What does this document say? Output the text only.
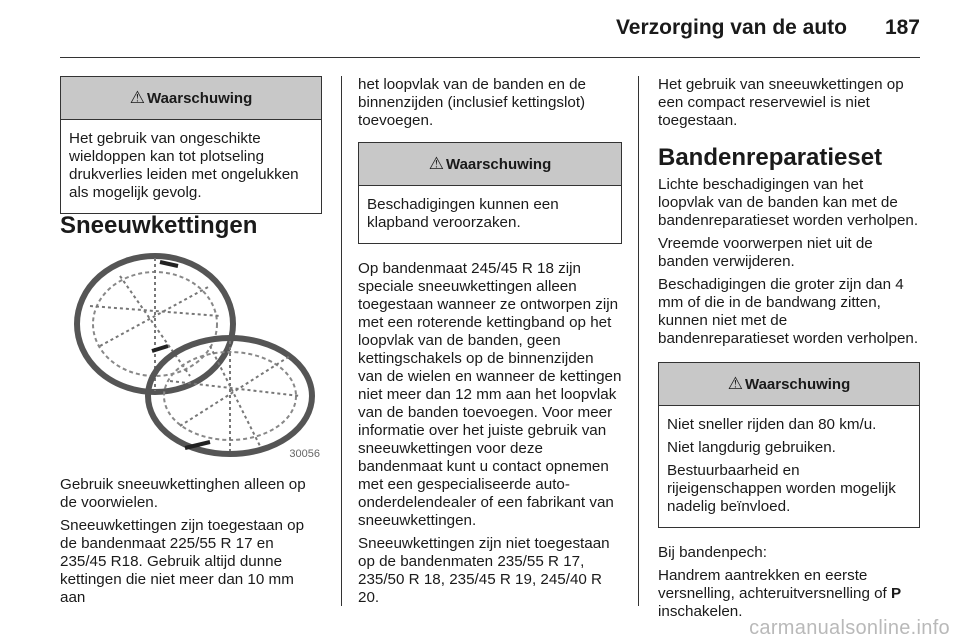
Verzorging van de auto	187
⚠ Waarschuwing

Het gebruik van ongeschikte wieldoppen kan tot plotseling drukverlies leiden met ongelukken als mogelijk gevolg.

Sneeuwkettingen
30056

Gebruik sneeuwkettinghen alleen op de voorwielen.

Sneeuwkettingen zijn toegestaan op de bandenmaat 225/55 R 17 en 235/45 R18. Gebruik altijd dunne kettingen die niet meer dan 10 mm aan

het loopvlak van de banden en de binnenzijden (inclusief kettingslot) toevoegen.

⚠ Waarschuwing

Beschadigingen kunnen een klapband veroorzaken.

Op bandenmaat 245/45 R 18 zijn speciale sneeuwkettingen alleen toegestaan wanneer ze ontworpen zijn met een roterende kettingband op het loopvlak van de banden, geen kettingschakels op de binnenzijden van de wielen en wanneer de kettingen niet meer dan 12 mm aan het loopvlak van de banden toevoegen. Voor meer informatie over het juiste gebruik van sneeuwkettingen voor deze bandenmaat kunt u contact opnemen met een gespecialiseerde auto-onderdelendealer of een fabrikant van sneeuwkettingen.

Sneeuwkettingen zijn niet toegestaan op de bandenmaten 235/55 R 17, 235/50 R 18, 235/45 R 19, 245/40 R 20.

Het gebruik van sneeuwkettingen op een compact reservewiel is niet toegestaan.

Bandenreparatieset

Lichte beschadigingen van het loopvlak van de banden kan met de bandenreparatieset worden verholpen.

Vreemde voorwerpen niet uit de banden verwijderen.

Beschadigingen die groter zijn dan 4 mm of die in de bandwang zitten, kunnen niet met de bandenreparatieset worden verholpen.

⚠ Waarschuwing

Niet sneller rijden dan 80 km/u.

Niet langdurig gebruiken.

Bestuurbaarheid en rijeigenschappen worden mogelijk nadelig beïnvloed.

Bij bandenpech:

Handrem aantrekken en eerste versnelling, achteruitversnelling of P inschakelen.

carmanualsonline.info
